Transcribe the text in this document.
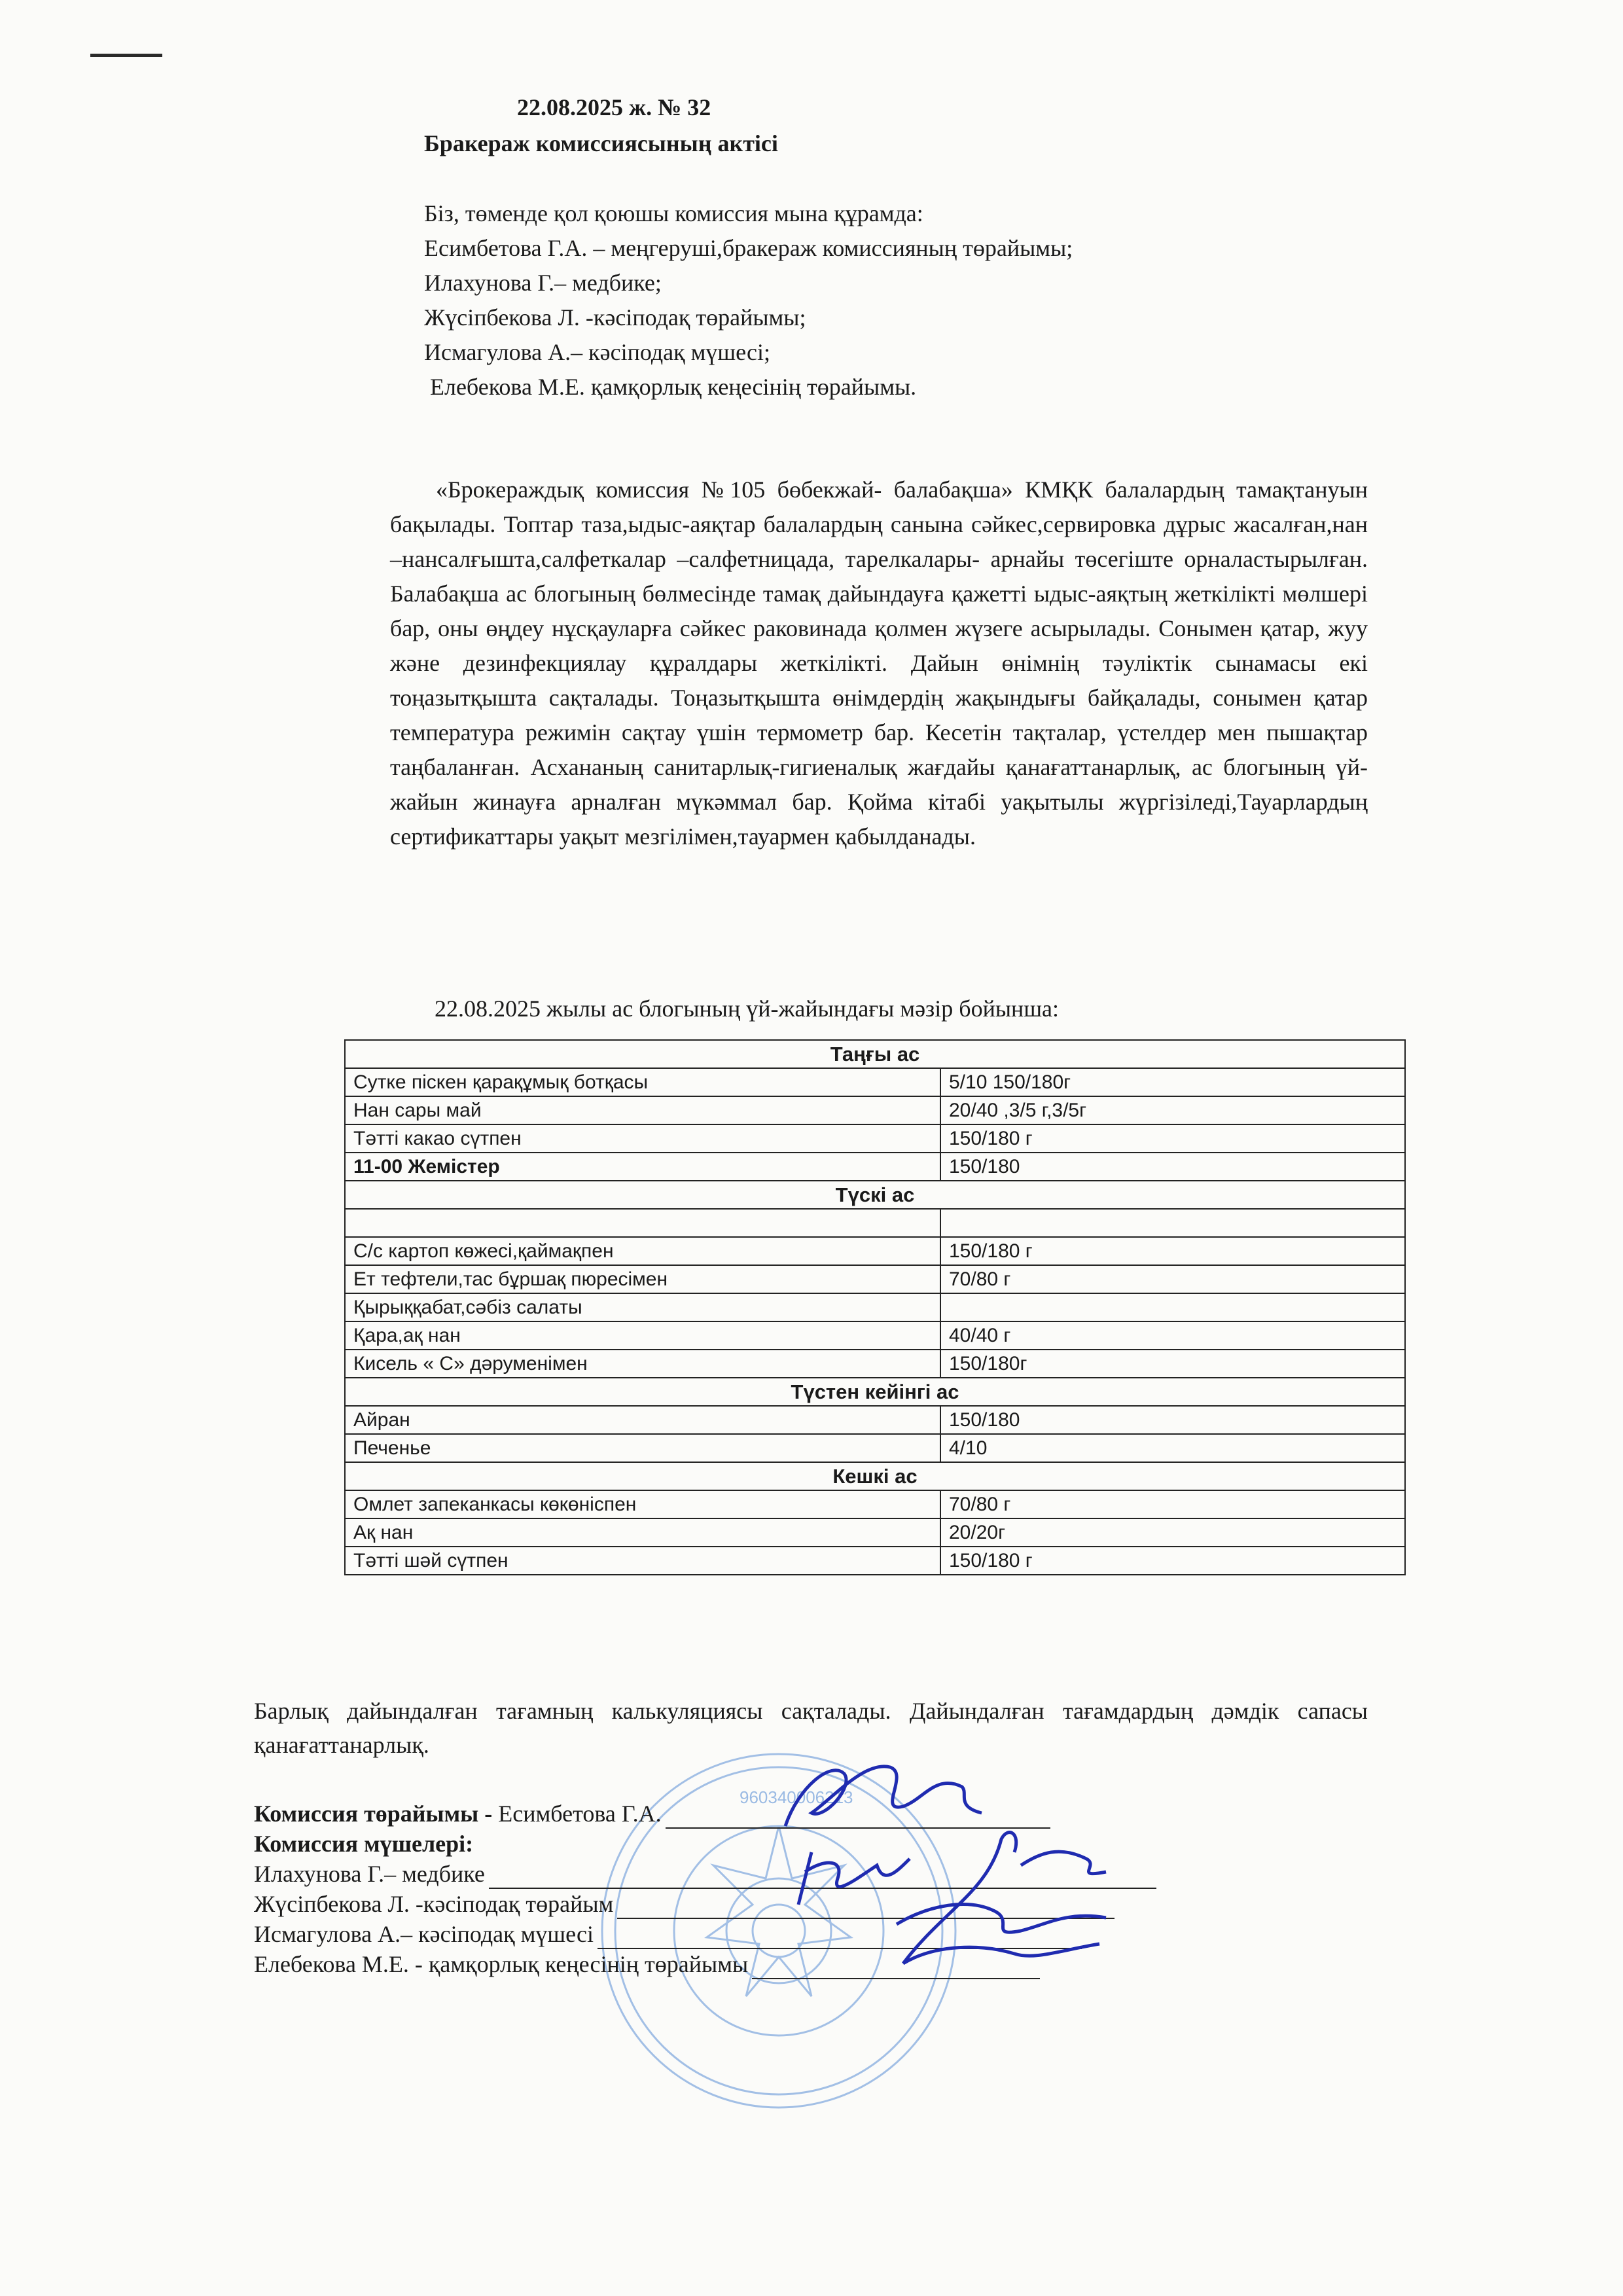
22.08.2025 ж. № 32
Бракераж комиссиясының актісі
Біз, төменде қол қоюшы комиссия мына құрамда:
Есимбетова Г.А. – меңгеруші,бракераж комиссияның төрайымы;
Илахунова Г.– медбике;
Жүсіпбекова Л. -кәсіподақ төрайымы;
Исмагулова А.– кәсіподақ мүшесі;
Елебекова М.Е. қамқорлық кеңесінің төрайымы.
«Брокераждық комиссия №105 бөбекжай- балабақша» КМҚК балалардың тамақтануын бақылады. Топтар таза,ыдыс-аяқтар балалардың санына сәйкес,сервировка дұрыс жасалған,нан –нансалғышта,салфеткалар –салфетницада, тарелкалары- арнайы төсегіште орналастырылған. Балабақша ас блогының бөлмесінде тамақ дайындауға қажетті ыдыс-аяқтың жеткілікті мөлшері бар, оны өңдеу нұсқауларға сәйкес раковинада қолмен жүзеге асырылады. Сонымен қатар, жуу және дезинфекциялау құралдары жеткілікті. Дайын өнімнің тәуліктік сынамасы екі тоңазытқышта сақталады. Тоңазытқышта өнімдердің жақындығы байқалады, сонымен қатар температура режимін сақтау үшін термометр бар. Кесетін тақталар, үстелдер мен пышақтар таңбаланған. Асхананың санитарлық-гигиеналық жағдайы қанағаттанарлық, ас блогының үй-жайын жинауға арналған мүкәммал бар. Қойма кітабі уақытылы жүргізіледі,Тауарлардың сертификаттары уақыт мезгілімен,тауармен қабылданады.
22.08.2025 жылы ас блогының үй-жайындағы мәзір бойынша:
Таңғы ас	
Сутке піскен қарақұмық ботқасы	5/10 150/180г
Нан сары май	20/40 ,3/5 г,3/5г
Тәтті какао сүтпен	150/180 г
11-00 Жемістер	150/180
Түскі ас	

С/с картоп көжесі,қаймақпен	150/180 г
Ет тефтели,тас бұршақ пюресімен	70/80 г
Қырыққабат,сәбіз салаты	
Қара,ақ нан	40/40 г
Кисель « С» дәруменімен	150/180г
Түстен кейінгі ас	
Айран	150/180
Печенье	4/10
Кешкі ас	
Омлет запеканкасы көкөніспен	70/80 г
Ақ нан	20/20г
Тәтті шәй сүтпен	150/180 г
Барлық дайындалған тағамның калькуляциясы сақталады. Дайындалған тағамдардың дәмдік сапасы қанағаттанарлық.
960340006213
Комиссия төрайымы - Есимбетова Г.А.
Комиссия мүшелері:
Илахунова Г.– медбике
Жүсіпбекова Л. -кәсіподақ төрайым
Исмагулова А.– кәсіподақ мүшесі
Елебекова М.Е. - қамқорлық кеңесінің төрайымы
